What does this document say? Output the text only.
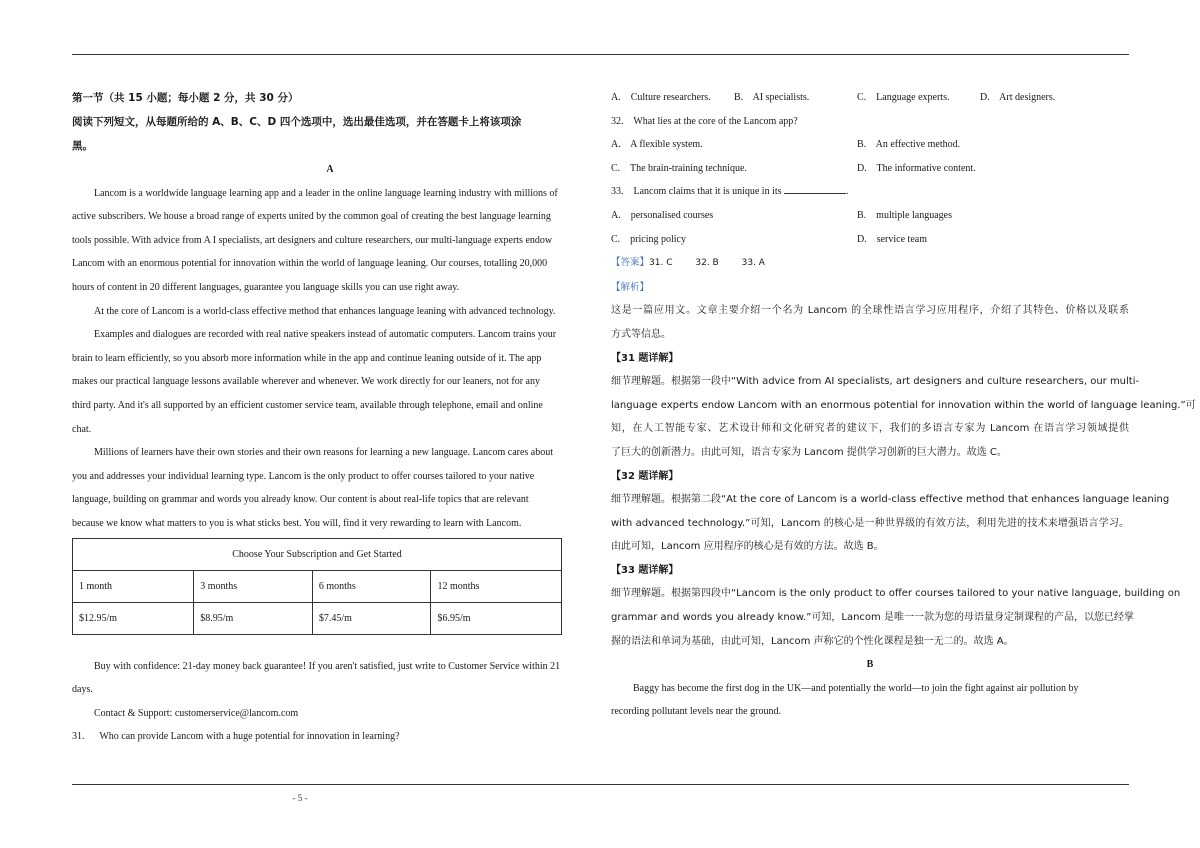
第一节（共 15 小题；每小题 2 分，共 30 分）
阅读下列短文，从每题所给的 A、B、C、D 四个选项中，选出最佳选项，并在答题卡上将该项涂
黑。
A
Lancom is a worldwide language learning app and a leader in the online language learning industry with millions of
active subscribers. We house a broad range of experts united by the common goal of creating the best language learning
tools possible. With advice from A I specialists, art designers and culture researchers, our multi-language experts endow
Lancom with an enormous potential for innovation within the world of language leaning. Our courses, totalling 20,000
hours of content in 20 different languages, guarantee you language skills you can use right away.
At the core of Lancom is a world-class effective method that enhances language leaning with advanced technology.
Examples and dialogues are recorded with real native speakers instead of automatic computers. Lancom trains your
brain to learn efficiently, so you absorb more information while in the app and continue leaning outside of it. The app
makes our practical language lessons available wherever and whenever. We work directly for our leaners, not for any
third party. And it's all supported by an efficient customer service team, available through telephone, email and online
chat.
Millions of learners have their own stories and their own reasons for learning a new language. Lancom cares about
you and addresses your individual learning type. Lancom is the only product to offer courses tailored to your native
language, building on grammar and words you already know. Our content is about real-life topics that are relevant
because we know what matters to you is what sticks best. You will, find it very rewarding to learn with Lancom.
Choose Your Subscription and Get Started			
1 month	3 months	6 months	12 months
$12.95/m	$8.95/m	$7.45/m	$6.95/m
Buy with confidence: 21-day money back guarantee! If you aren't satisfied, just write to Customer Service within 21
days.
Contact & Support: customerservice@lancom.com
31.      Who can provide Lancom with a huge potential for innovation in learning?
A.    Culture researchers.	B.    AI specialists.	C.    Language experts.	D.    Art designers.
32.    What lies at the core of the Lancom app?
A.    A flexible system.	B.    An effective method.
C.    The brain-training technique.	D.    The informative content.
33.    Lancom claims that it is unique in its	.
A.    personalised courses	B.    multiple languages
C.    pricing policy	D.    service team
【答案】31. C        32. B        33. A
【解析】
这是一篇应用文。文章主要介绍一个名为 Lancom 的全球性语言学习应用程序，介绍了其特色、价格以及联系
方式等信息。
【31 题详解】
细节理解题。根据第一段中“With advice from AI specialists, art designers and culture researchers, our multi-
language experts endow Lancom with an enormous potential for innovation within the world of language leaning.”可
知，在人工智能专家、艺术设计师和文化研究者的建议下，我们的多语言专家为 Lancom 在语言学习领域提供
了巨大的创新潜力。由此可知，语言专家为 Lancom 提供学习创新的巨大潜力。故选 C。
【32 题详解】
细节理解题。根据第二段“At the core of Lancom is a world-class effective method that enhances language leaning
with advanced technology.”可知，Lancom 的核心是一种世界级的有效方法，利用先进的技术来增强语言学习。
由此可知，Lancom 应用程序的核心是有效的方法。故选 B。
【33 题详解】
细节理解题。根据第四段中“Lancom is the only product to offer courses tailored to your native language, building on
grammar and words you already know.”可知，Lancom 是唯一一款为您的母语量身定制课程的产品，以您已经掌
握的语法和单词为基础，由此可知，Lancom 声称它的个性化课程是独一无二的。故选 A。
B
Baggy has become the first dog in the UK—and potentially the world—to join the fight against air pollution by
recording pollutant levels near the ground.
- 5 -
